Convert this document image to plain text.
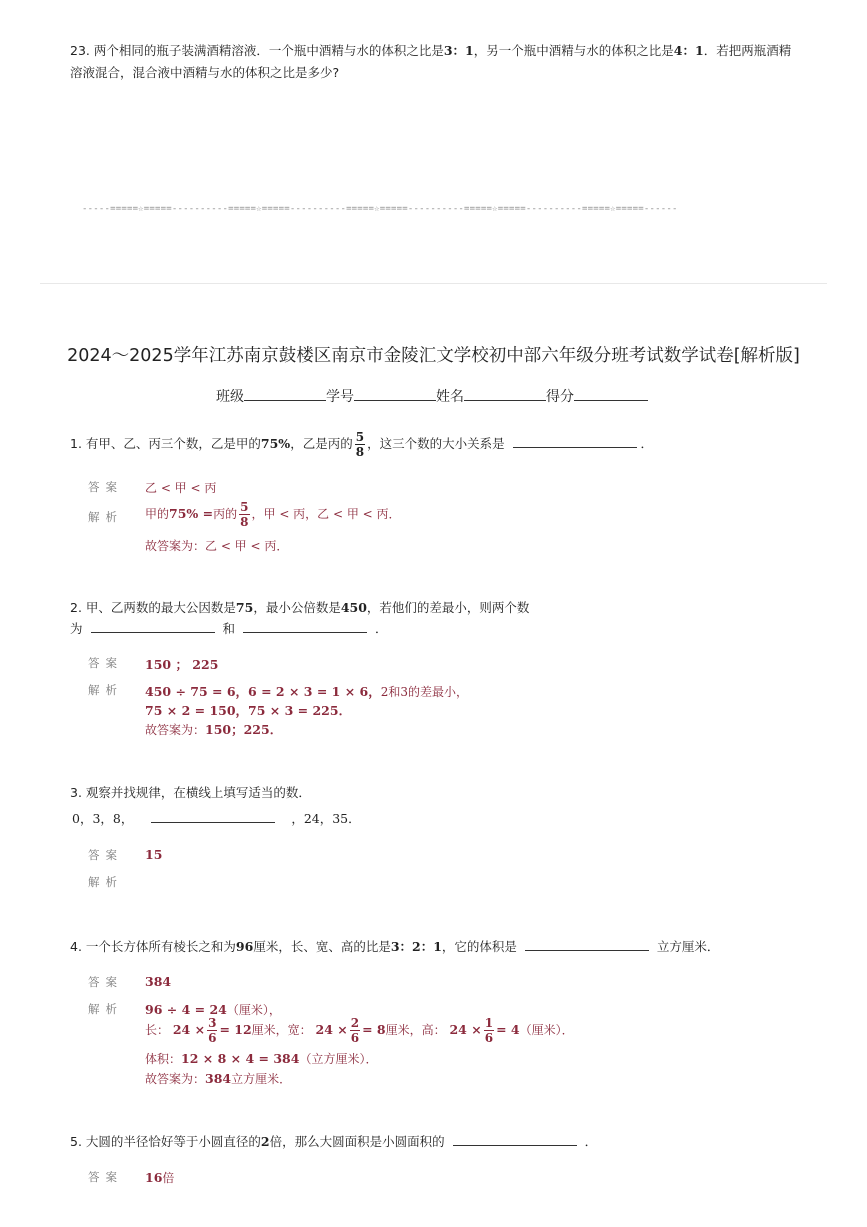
23. 两个相同的瓶子装满酒精溶液．一个瓶中酒精与水的体积之比是3：1，另一个瓶中酒精与水的体积之比是4：1．若把两瓶酒精
溶液混合，混合液中酒精与水的体积之比是多少?
-----=====☆=====----------=====☆=====----------=====☆=====----------=====☆=====----------=====☆=====------
2024～2025学年江苏南京鼓楼区南京市金陵汇文学校初中部六年级分班考试数学试卷[解析版]
班级	学号	姓名	得分
1. 有甲、乙、丙三个数，乙是甲的75%，乙是丙的 $\frac{5}{8}$ ，这三个数的大小关系是	．
答案 乙 < 甲 < 丙
解析 甲的75% =丙的 $\frac{5}{8}$ ，甲 < 丙，乙 < 甲 < 丙．
故答案为：乙 < 甲 < 丙．
2. 甲、乙两数的最大公因数是75，最小公倍数是450，若他们的差最小，则两个数
为	和	．
答案 150 ； 225
解析 450 ÷ 75 = 6，6 = 2 × 3 = 1 × 6，2和3的差最小，
75 × 2 = 150，75 × 3 = 225．
故答案为：150；225．
3. 观察并找规律，在横线上填写适当的数．
0，3，8，	，24，35．
答案 15
解析
4. 一个长方体所有棱长之和为96厘米，长、宽、高的比是3：2：1，它的体积是	立方厘米．
答案 384
解析 96 ÷ 4 = 24（厘米），
长： $24 \times \frac{3}{6} = 12$厘米，宽： $24 \times \frac{2}{6} = 8$厘米，高： $24 \times \frac{1}{6} = 4$（厘米）．
体积：12 × 8 × 4 = 384（立方厘米）．
故答案为：384立方厘米．
5. 大圆的半径恰好等于小圆直径的2倍，那么大圆面积是小圆面积的	．
答案 16倍
